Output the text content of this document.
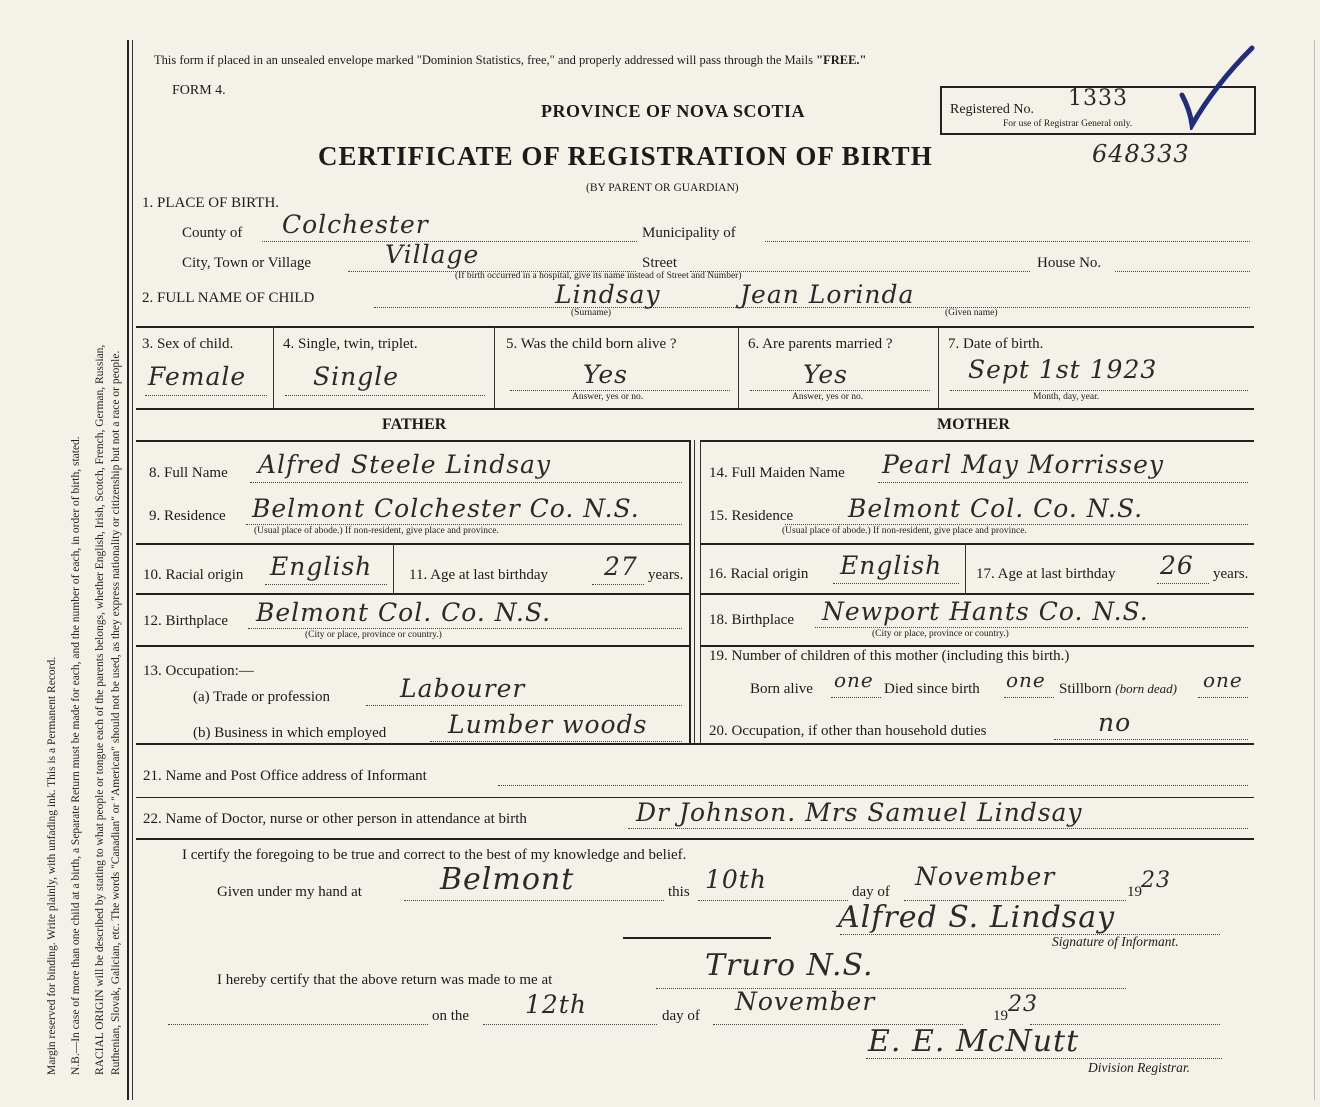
Margin reserved for binding. Write plainly, with unfading ink. This is a Permanent Record. N.B.—In case of more than one child at a birth, a Separate Return must be made for each, and the number of each, in order of birth, stated. RACIAL ORIGIN will be described by stating to what people or tongue each of the parents belongs, whether English, Irish, Scotch, French, German, Russian, Ruthenian, Slovak, Galician, etc. The words "Canadian" or "American" should not be used, as they express nationality or citizenship but not a race or people.
This form if placed in an unsealed envelope marked "Dominion Statistics, free," and properly addressed will pass through the Mails "FREE."
FORM 4.
PROVINCE OF NOVA SCOTIA	Registered No. 1333
For use of Registrar General only.
CERTIFICATE OF REGISTRATION OF BIRTH	648333
(BY PARENT OR GUARDIAN)
1. PLACE OF BIRTH.
County of Colchester	Municipality of
City, Town or Village	Village	Street	House No.
(If birth occurred in a hospital, give its name instead of Street and Number)
2. FULL NAME OF CHILD	Lindsay	Jean Lorinda
(Surname)	(Given name)
3. Sex of child.
Female
4. Single, twin, triplet.
Single
5. Was the child born alive ?
Yes
Answer, yes or no.
6. Are parents married ?
Yes
Answer, yes or no.
7. Date of birth.
Sept 1st 1923
Month, day, year.
FATHER	MOTHER
8. Full Name Alfred Steele Lindsay	14. Full Maiden Name Pearl May Morrissey
9. Residence Belmont Colchester Co. N.S.
(Usual place of abode.) If non-resident, give place and province.
15. Residence Belmont Col. Co. N.S.
(Usual place of abode.) If non-resident, give place and province.
10. Racial origin English 11. Age at last birthday 27 years. 16. Racial origin English 17. Age at last birthday 26 years.
12. Birthplace Belmont Col. Co. N.S.
(City or place, province or country.)
18. Birthplace Newport Hants Co. N.S.
(City or place, province or country.)
13. Occupation:—
(a) Trade or profession	Labourer
(b) Business in which employed Lumber woods
19. Number of children of this mother (including this birth.)
Born alive one Died since birth one Stillborn (born dead) one
20. Occupation, if other than household duties	no
21. Name and Post Office address of Informant
22. Name of Doctor, nurse or other person in attendance at birth	Dr Johnson. Mrs Samuel Lindsay
I certify the foregoing to be true and correct to the best of my knowledge and belief.
Given under my hand at	Belmont	this 10th	day of
November
19 23
Alfred S. Lindsay
Signature of Informant.
I hereby certify that the above return was made to me at	Truro N.S.
on the 12th	day of November	19 23
E. E. McNutt
Division Registrar.
